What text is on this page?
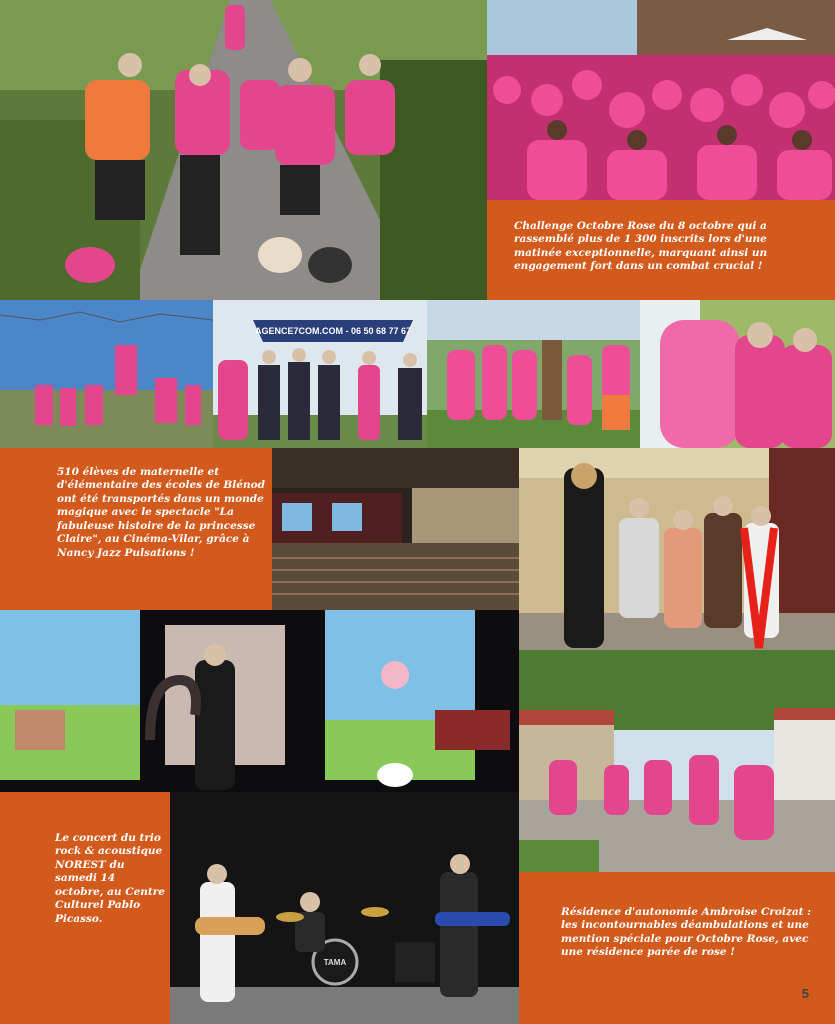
Challenge Octobre Rose du 8 octobre qui a rassemblé plus de 1 300 inscrits lors d'une matinée exceptionnelle, marquant ainsi un engagement fort dans un combat crucial !
AGENCE7COM.COM - 06 50 68 77 67
510 élèves de maternelle et d'élémentaire des écoles de Blénod ont été transportés dans un monde magique avec le spectacle "La fabuleuse histoire de la princesse Claire", au Cinéma-Vilar, grâce à Nancy Jazz Pulsations !
Le concert du trio rock & acoustique NOREST du samedi 14 octobre, au Centre Culturel Pablo Picasso.
TAMA
Résidence d'autonomie Ambroise Croizat : les incontournables déambulations et une mention spéciale pour Octobre Rose, avec une résidence parée de rose !
5
